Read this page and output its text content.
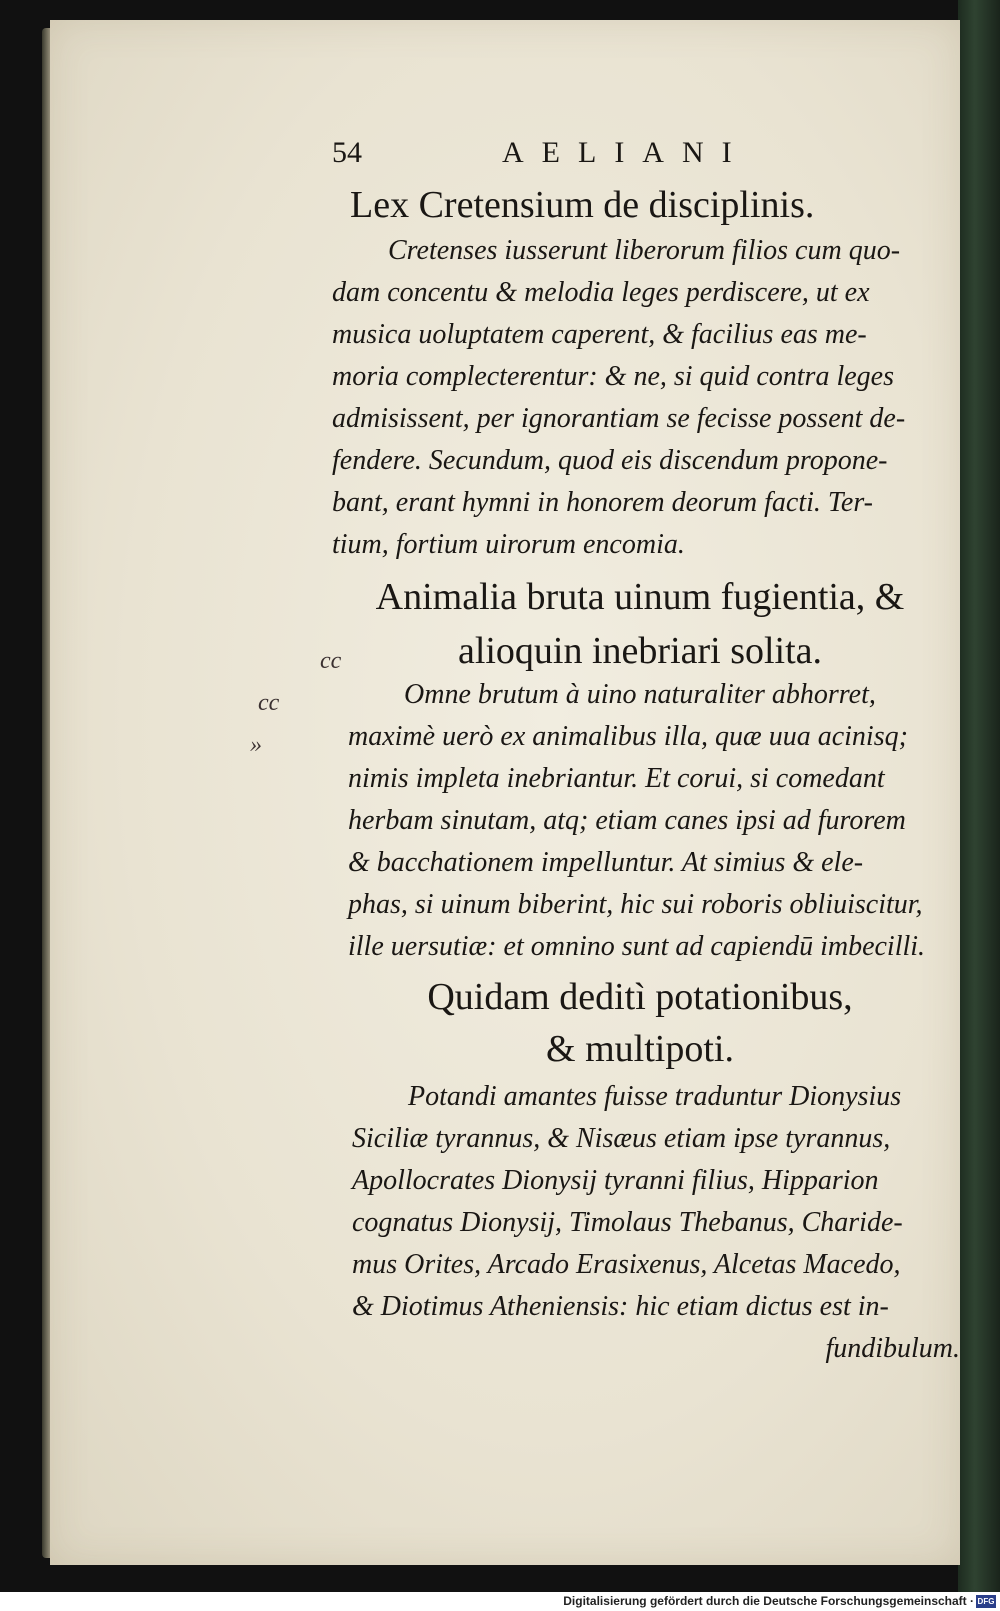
cc
cc
»
54	AELIANI

Lex Cretensium de disciplinis.

Cretenses iusserunt liberorum filios cum quo-
dam concentu & melodia leges perdiscere, ut ex
musica uoluptatem caperent, & facilius eas me-
moria complecterentur: & ne, si quid contra leges
admisissent, per ignorantiam se fecisse possent de-
fendere. Secundum, quod eis discendum propone-
bant, erant hymni in honorem deorum facti. Ter-
tium, fortium uirorum encomia.

Animalia bruta uinum fugientia, &

alioquin inebriari solita.

Omne brutum à uino naturaliter abhorret,
maximè uerò ex animalibus illa, quæ uua acinisq;
nimis impleta inebriantur. Et corui, si comedant
herbam sinutam, atq; etiam canes ipsi ad furorem
& bacchationem impelluntur. At simius & ele-
phas, si uinum biberint, hic sui roboris obliuiscitur,
ille uersutiæ: et omnino sunt ad capiendū imbecilli.

Quidam deditì potationibus,

& multipoti.

Potandi amantes fuisse traduntur Dionysius
Siciliæ tyrannus, & Nisæus etiam ipse tyrannus,
Apollocrates Dionysij tyranni filius, Hipparion
cognatus Dionysij, Timolaus Thebanus, Charide-
mus Orites, Arcado Erasixenus, Alcetas Macedo,
& Diotimus Atheniensis: hic etiam dictus est in-
fundibulum.
Digitalisierung gefördert durch die Deutsche Forschungsgemeinschaft · DFG
